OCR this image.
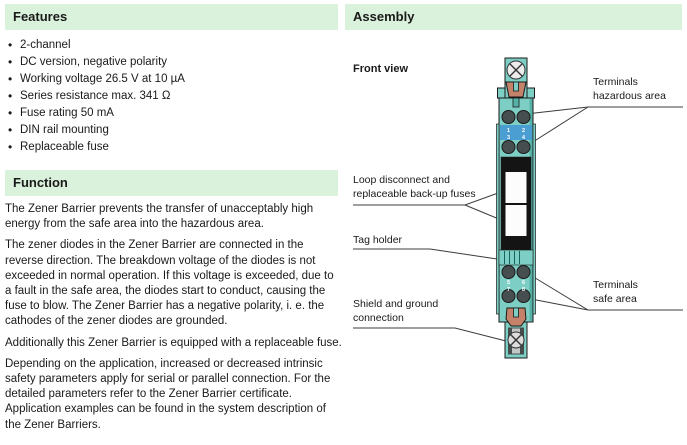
Features
• 2-channel
• DC version, negative polarity
• Working voltage 26.5 V at 10 µA
• Series resistance max. 341 Ω
• Fuse rating 50 mA
• DIN rail mounting
• Replaceable fuse
Function

The Zener Barrier prevents the transfer of unacceptably high energy from the safe area into the hazardous area.

The zener diodes in the Zener Barrier are connected in the reverse direction. The breakdown voltage of the diodes is not exceeded in normal operation. If this voltage is exceeded, due to a fault in the safe area, the diodes start to conduct, causing the fuse to blow. The Zener Barrier has a negative polarity, i. e. the cathodes of the zener diodes are grounded.

Additionally this Zener Barrier is equipped with a replaceable fuse.

Depending on the application, increased or decreased intrinsic safety parameters apply for serial or parallel connection. For the detailed parameters refer to the Zener Barrier certificate. Application examples can be found in the system description of the Zener Barriers.

Assembly
1 2
3 4
5 6
7 8
Front view
Terminals
hazardous area
Loop disconnect and
replaceable back-up fuses
Tag holder
Shield and ground
connection
Terminals
safe area
